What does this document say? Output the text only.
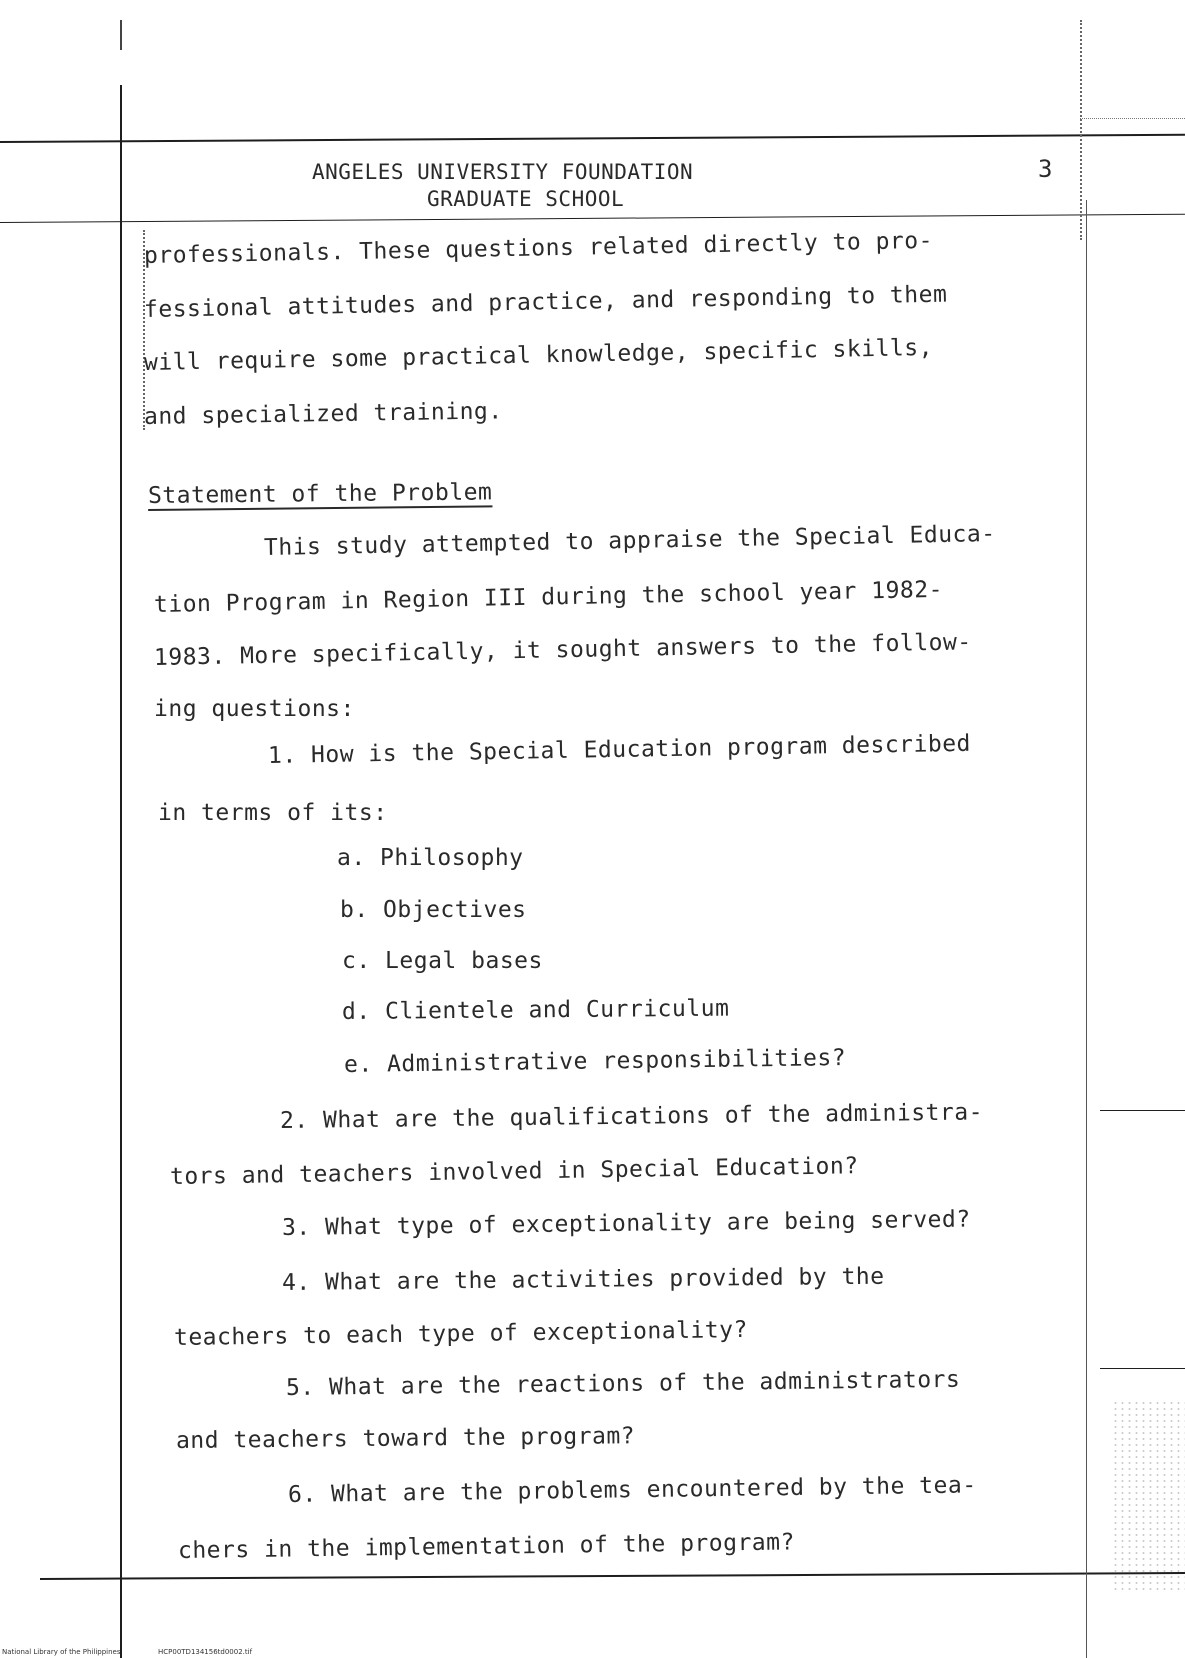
ANGELES UNIVERSITY FOUNDATION
GRADUATE SCHOOL
3
professionals. These questions related directly to pro-
fessional attitudes and practice, and responding to them
will require some practical knowledge, specific skills,
and specialized training.
Statement of the Problem
This study attempted to appraise the Special Educa-
tion Program in Region III during the school year 1982-
1983. More specifically, it sought answers to the follow-
ing questions:
1. How is the Special Education program described
in terms of its:
a. Philosophy
b. Objectives
c. Legal bases
d. Clientele and Curriculum
e. Administrative responsibilities?
2. What are the qualifications of the administra-
tors and teachers involved in Special Education?
3. What type of exceptionality are being served?
4. What are the activities provided by the
teachers to each type of exceptionality?
5. What are the reactions of the administrators
and teachers toward the program?
6. What are the problems encountered by the tea-
chers in the implementation of the program?
National Library of the Philippines	HCP00TD134156td0002.tif
